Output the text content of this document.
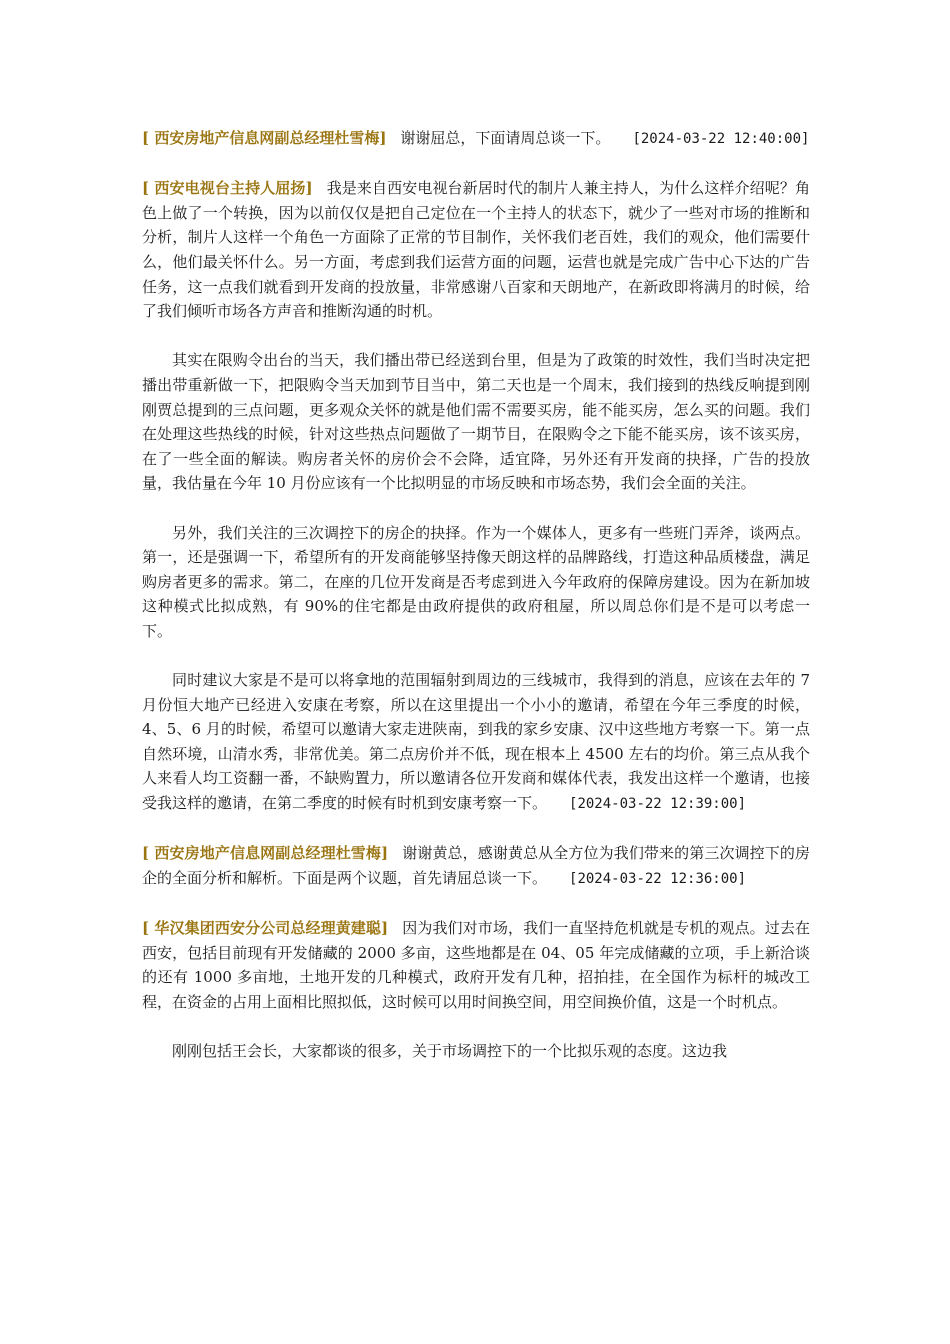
[ 西安房地产信息网副总经理杜雪梅] 谢谢屈总，下面请周总谈一下。 [2024-03-22 12:40:00]

[ 西安电视台主持人屈扬] 我是来自西安电视台新居时代的制片人兼主持人，为什么这样介绍呢？角色上做了一个转换，因为以前仅仅是把自己定位在一个主持人的状态下，就少了一些对市场的推断和分析，制片人这样一个角色一方面除了正常的节目制作，关怀我们老百姓，我们的观众，他们需要什么，他们最关怀什么。另一方面，考虑到我们运营方面的问题，运营也就是完成广告中心下达的广告任务，这一点我们就看到开发商的投放量，非常感谢八百家和天朗地产，在新政即将满月的时候，给了我们倾听市场各方声音和推断沟通的时机。

其实在限购令出台的当天，我们播出带已经送到台里，但是为了政策的时效性，我们当时决定把播出带重新做一下，把限购令当天加到节目当中，第二天也是一个周末，我们接到的热线反响提到刚刚贾总提到的三点问题，更多观众关怀的就是他们需不需要买房，能不能买房，怎么买的问题。我们在处理这些热线的时候，针对这些热点问题做了一期节目，在限购令之下能不能买房，该不该买房，在了一些全面的解读。购房者关怀的房价会不会降，适宜降，另外还有开发商的抉择，广告的投放量，我估量在今年 10 月份应该有一个比拟明显的市场反映和市场态势，我们会全面的关注。

另外，我们关注的三次调控下的房企的抉择。作为一个媒体人，更多有一些班门弄斧，谈两点。第一，还是强调一下，希望所有的开发商能够坚持像天朗这样的品牌路线，打造这种品质楼盘，满足购房者更多的需求。第二，在座的几位开发商是否考虑到进入今年政府的保障房建设。因为在新加坡这种模式比拟成熟，有 90%的住宅都是由政府提供的政府租屋，所以周总你们是不是可以考虑一下。

同时建议大家是不是可以将拿地的范围辐射到周边的三线城市，我得到的消息，应该在去年的 7 月份恒大地产已经进入安康在考察，所以在这里提出一个小小的邀请，希望在今年三季度的时候，4、5、6 月的时候，希望可以邀请大家走进陕南，到我的家乡安康、汉中这些地方考察一下。第一点自然环境，山清水秀，非常优美。第二点房价并不低，现在根本上 4500 左右的均价。第三点从我个人来看人均工资翻一番，不缺购置力，所以邀请各位开发商和媒体代表，我发出这样一个邀请，也接受我这样的邀请，在第二季度的时候有时机到安康考察一下。 [2024-03-22 12:39:00]

[ 西安房地产信息网副总经理杜雪梅] 谢谢黄总，感谢黄总从全方位为我们带来的第三次调控下的房企的全面分析和解析。下面是两个议题，首先请屈总谈一下。 [2024-03-22 12:36:00]

[ 华汉集团西安分公司总经理黄建聪] 因为我们对市场，我们一直坚持危机就是专机的观点。过去在西安，包括目前现有开发储藏的 2000 多亩，这些地都是在 04、05 年完成储藏的立项，手上新洽谈的还有 1000 多亩地，土地开发的几种模式，政府开发有几种，招拍挂，在全国作为标杆的城改工程，在资金的占用上面相比照拟低，这时候可以用时间换空间，用空间换价值，这是一个时机点。

刚刚包括王会长，大家都谈的很多，关于市场调控下的一个比拟乐观的态度。这边我
